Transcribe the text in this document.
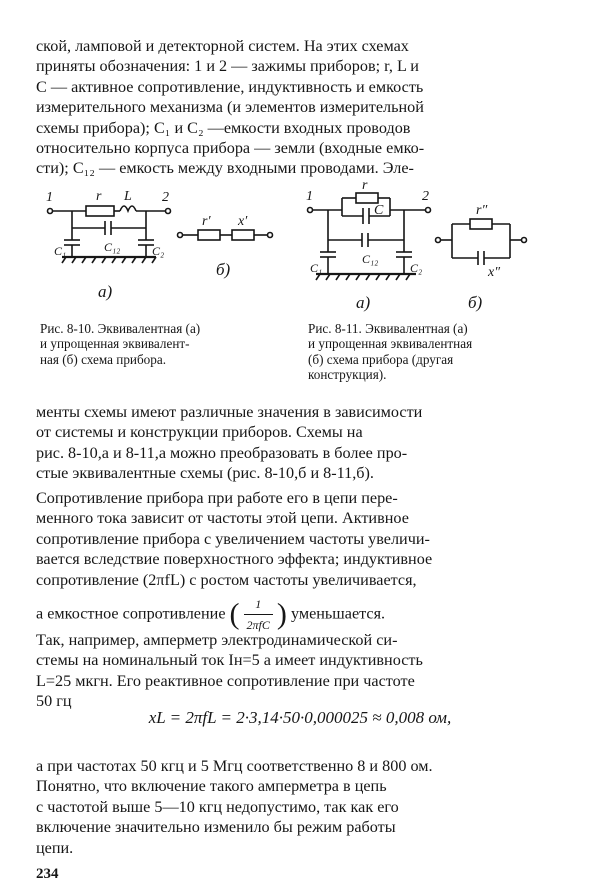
ской, ламповой и детекторной систем. На этих схемах
приняты обозначения: 1 и 2 — зажимы приборов; r, L и
C — активное сопротивление, индуктивность и емкость
измерительного механизма (и элементов измерительной
схемы прибора); C₁ и C₂ —емкости входных проводов
относительно корпуса прибора — земли (входные емко-
сти); C₁₂ — емкость между входными проводами. Эле-
1	2
r L
C₁	C₁₂	C₂
r′ x′
а)
б)
1	2
r
C
C₁
C₁₂
C₂
r″
x″
а)	б)
Рис. 8-10. Эквивалентная (а)
и упрощенная эквивалент-
ная (б) схема прибора.
Рис. 8-11. Эквивалентная (а)
и упрощенная эквивалентная
(б) схема прибора (другая
конструкция).
менты схемы имеют различные значения в зависимости
от системы и конструкции приборов. Схемы на
рис. 8-10,а и 8-11,а можно преобразовать в более про-
стые эквивалентные схемы (рис. 8-10,б и 8-11,б).
Сопротивление прибора при работе его в цепи пере-
менного тока зависит от частоты этой цепи. Активное
сопротивление прибора с увеличением частоты увеличи-
вается вследствие поверхностного эффекта; индуктивное
сопротивление (2πfL) с ростом частоты увеличивается,
а емкостное сопротивление ( $\frac{1}{\text{2πfC}}$ ) уменьшается.
Так, например, амперметр электродинамической си-
стемы на номинальный ток Iн=5 а имеет индуктивность
L=25 мкгн. Его реактивное сопротивление при частоте
50 гц
xL = 2πfL = 2·3,14·50·0,000025 ≈ 0,008 ом,
а при частотах 50 кгц и 5 Мгц соответственно 8 и 800 ом.
Понятно, что включение такого амперметра в цепь
с частотой выше 5—10 кгц недопустимо, так как его
включение значительно изменило бы режим работы
цепи.
234
